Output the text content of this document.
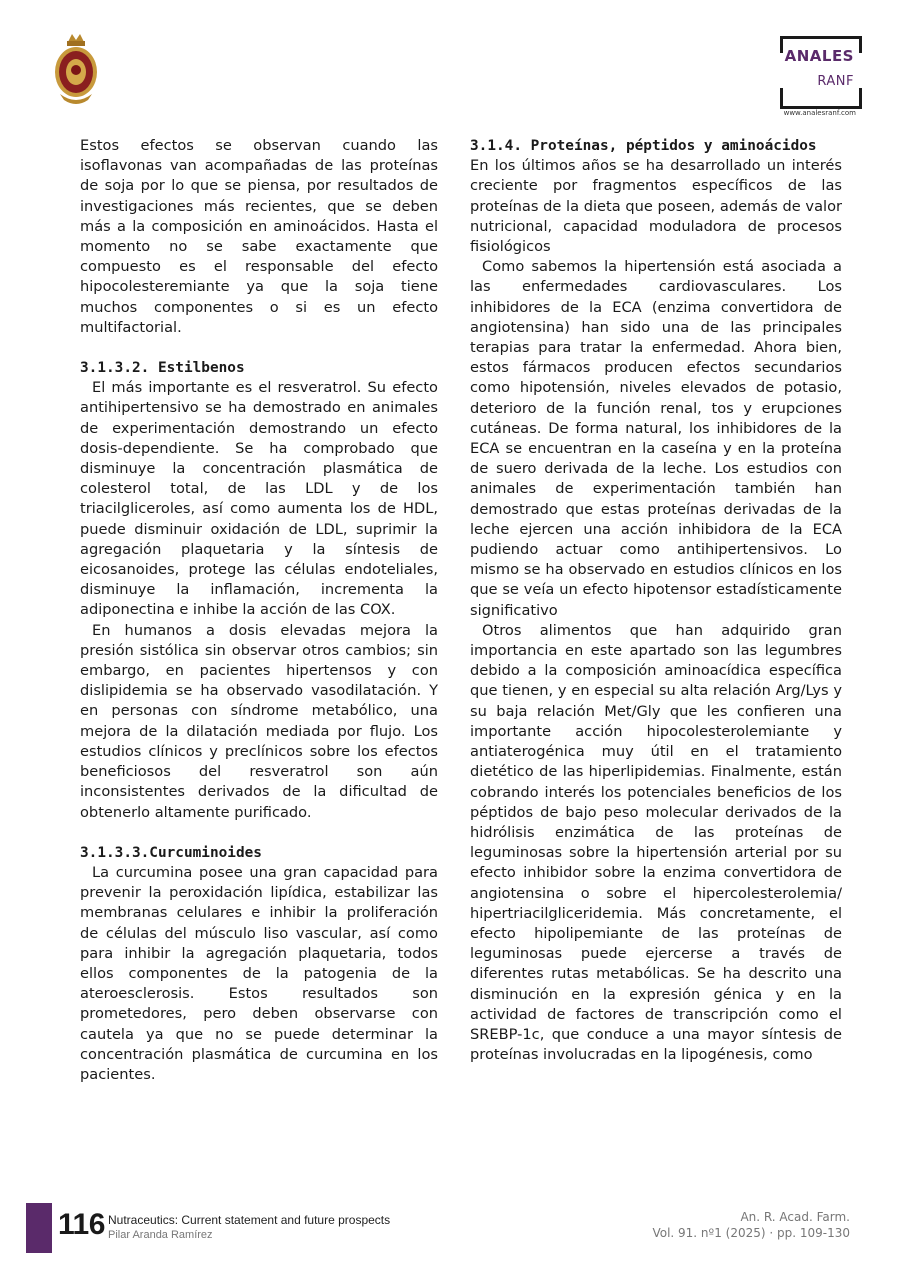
ANALES
RANF
www.analesranf.com

Estos efectos se observan cuando las isoflavonas van acompañadas de las proteínas de soja por lo que se piensa, por resultados de investigaciones más recientes, que se deben más a la composición en aminoácidos. Hasta el momento no se sabe exactamente que compuesto es el responsable del efecto hipocolesteremiante ya que la soja tiene muchos componentes o si es un efecto multifactorial.

3.1.3.2. Estilbenos

El más importante es el resveratrol. Su efecto antihipertensivo se ha demostrado en animales de experimentación demostrando un efecto dosis-dependiente. Se ha comprobado que disminuye la concentración plasmática de colesterol total, de las LDL y de los triacilgliceroles, así como aumenta los de HDL, puede disminuir oxidación de LDL, suprimir la agregación plaquetaria y la síntesis de eicosanoides, protege las células endoteliales, disminuye la inflamación, incrementa la adiponectina e inhibe la acción de las COX.

En humanos a dosis elevadas mejora la presión sistólica sin observar otros cambios; sin embargo, en pacientes hipertensos y con dislipidemia se ha observado vasodilatación. Y en personas con síndrome metabólico, una mejora de la dilatación mediada por flujo. Los estudios clínicos y preclínicos sobre los efectos beneficiosos del resveratrol son aún inconsistentes derivados de la dificultad de obtenerlo altamente purificado.

3.1.3.3.Curcuminoides

La curcumina posee una gran capacidad para prevenir la peroxidación lipídica, estabilizar las membranas celulares e inhibir la proliferación de células del músculo liso vascular, así como para inhibir la agregación plaquetaria, todos ellos componentes de la patogenia de la ateroesclerosis. Estos resultados son prometedores, pero deben observarse con cautela ya que no se puede determinar la concentración plasmática de curcumina en los pacientes.

3.1.4. Proteínas, péptidos y aminoácidos

En los últimos años se ha desarrollado un interés creciente por fragmentos específicos de las proteínas de la dieta que poseen, además de valor nutricional, capacidad moduladora de procesos fisiológicos

Como sabemos la hipertensión está asociada a las enfermedades cardiovasculares. Los inhibidores de la ECA (enzima convertidora de angiotensina) han sido una de las principales terapias para tratar la enfermedad. Ahora bien, estos fármacos producen efectos secundarios como hipotensión, niveles elevados de potasio, deterioro de la función renal, tos y erupciones cutáneas. De forma natural, los inhibidores de la ECA se encuentran en la caseína y en la proteína de suero derivada de la leche. Los estudios con animales de experimentación también han demostrado que estas proteínas derivadas de la leche ejercen una acción inhibidora de la ECA pudiendo actuar como antihipertensivos. Lo mismo se ha observado en estudios clínicos en los que se veía un efecto hipotensor estadísticamente significativo

Otros alimentos que han adquirido gran importancia en este apartado son las legumbres debido a la composición aminoacídica específica que tienen, y en especial su alta relación Arg/Lys y su baja relación Met/Gly que les confieren una importante acción hipocolesterolemiante y antiaterogénica muy útil en el tratamiento dietético de las hiperlipidemias. Finalmente, están cobrando interés los potenciales beneficios de los péptidos de bajo peso molecular derivados de la hidrólisis enzimática de las proteínas de leguminosas sobre la hipertensión arterial por su efecto inhibidor sobre la enzima convertidora de angiotensina o sobre el hipercolesterolemia/ hipertriacilgliceridemia. Más concretamente, el efecto hipolipemiante de las proteínas de leguminosas puede ejercerse a través de diferentes rutas metabólicas. Se ha descrito una disminución en la expresión génica y en la actividad de factores de transcripción como el SREBP-1c, que conduce a una mayor síntesis de proteínas involucradas en la lipogénesis, como

116 Nutraceutics: Current statement and future prospects
Pilar Aranda Ramírez
An. R. Acad. Farm.
Vol. 91. nº1 (2025) · pp. 109-130
